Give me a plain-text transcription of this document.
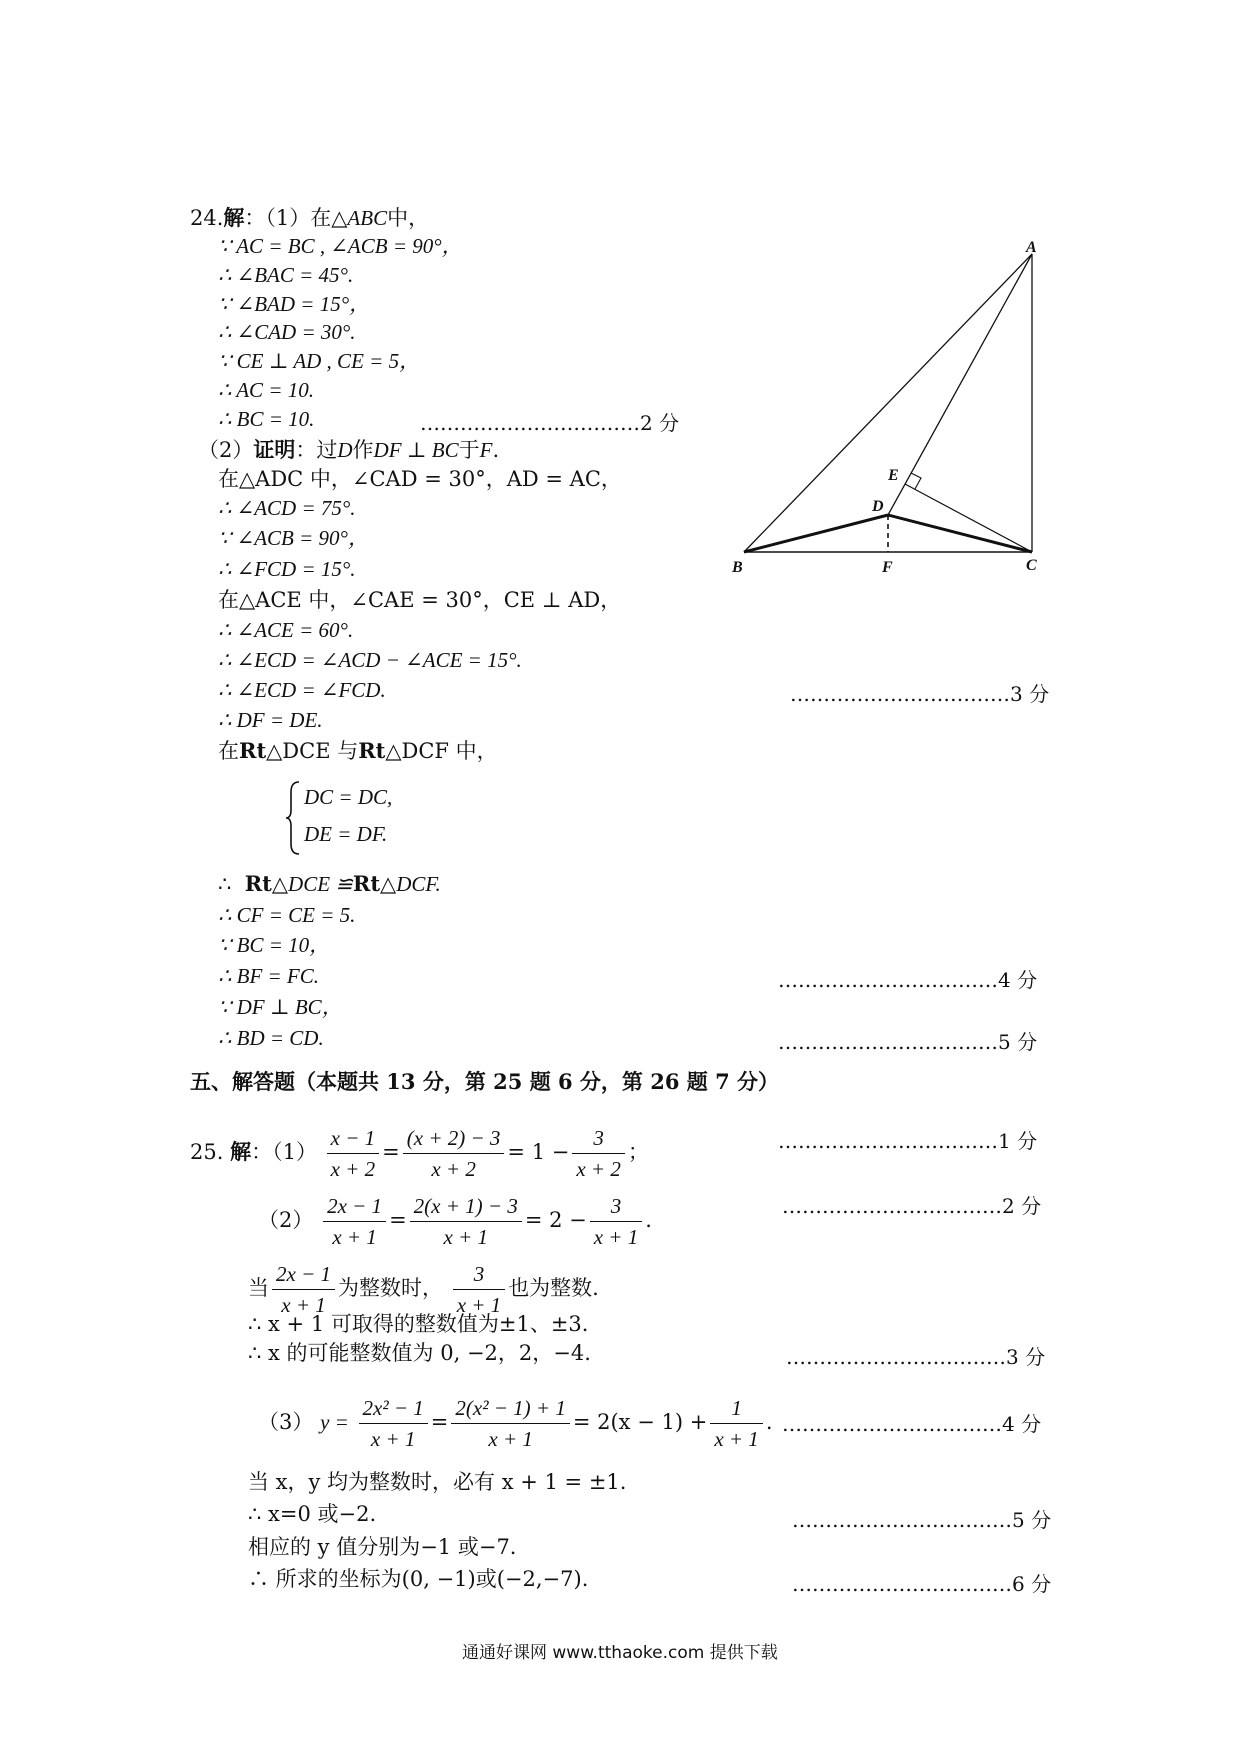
24.解：（1）在△ABC中，
∵ AC = BC , ∠ACB = 90°，
∴ ∠BAC = 45°.
∵ ∠BAD = 15°，
∴ ∠CAD = 30°.
∵ CE ⊥ AD , CE = 5，
∴ AC = 10.
∴ BC = 10.	……………………………2 分
（2）证明：过D作DF ⊥ BC于F.
在△ADC 中，∠CAD = 30°，AD = AC，
∴ ∠ACD = 75°.
∵ ∠ACB = 90°，
∴ ∠FCD = 15°.
在△ACE 中，∠CAE = 30°，CE ⊥ AD，
∴ ∠ACE = 60°.
∴ ∠ECD = ∠ACD − ∠ACE = 15°.
∴ ∠ECD = ∠FCD.	……………………………3 分
∴ DF = DE.
在Rt△DCE 与Rt△DCF 中，
DC = DC,
DE = DF.
∴ Rt△DCE ≌Rt△DCF.
∴ CF = CE = 5.
∵ BC = 10，
∴ BF = FC.	……………………………4 分
∵ DF ⊥ BC，
∴ BD = CD.	……………………………5 分
A
B	C
D
E
F
五、解答题（本题共 13 分，第 25 题 6 分，第 26 题 7 分）
25. 解：$(1) \frac{x - 1}{x + 2} = \frac{(x + 2) - 3}{x + 2} = 1 - \frac{3}{x + 2}$ ；	……………………………1 分
$(2) \frac{2x - 1}{x + 1} = \frac{2(x + 1) - 3}{x + 1} = 2 - \frac{3}{x + 1}$ .
……………………………2 分
当 $\frac{2x - 1}{x + 1}$ 为整数时， $\frac{3}{x + 1}$ 也为整数.
∴ x + 1 可取得的整数值为±1、±3.
∴ x 的可能整数值为 0, −2，2，−4.	……………………………3 分
（3） $y = \frac{\text{2x² − 1}}{x + 1} = \frac{\text{2(x² − 1) + 1}}{x + 1} = 2(x - 1) + \frac{1}{x + 1}$ . ……………………………4 分
当 x，y 均为整数时，必有 x + 1 = ±1.
∴ x=0 或−2.	……………………………5 分
相应的 y 值分别为−1 或−7.
∴ 所求的坐标为(0, −1)或(−2,−7).	……………………………6 分
通通好课网 www.tthaoke.com 提供下载
